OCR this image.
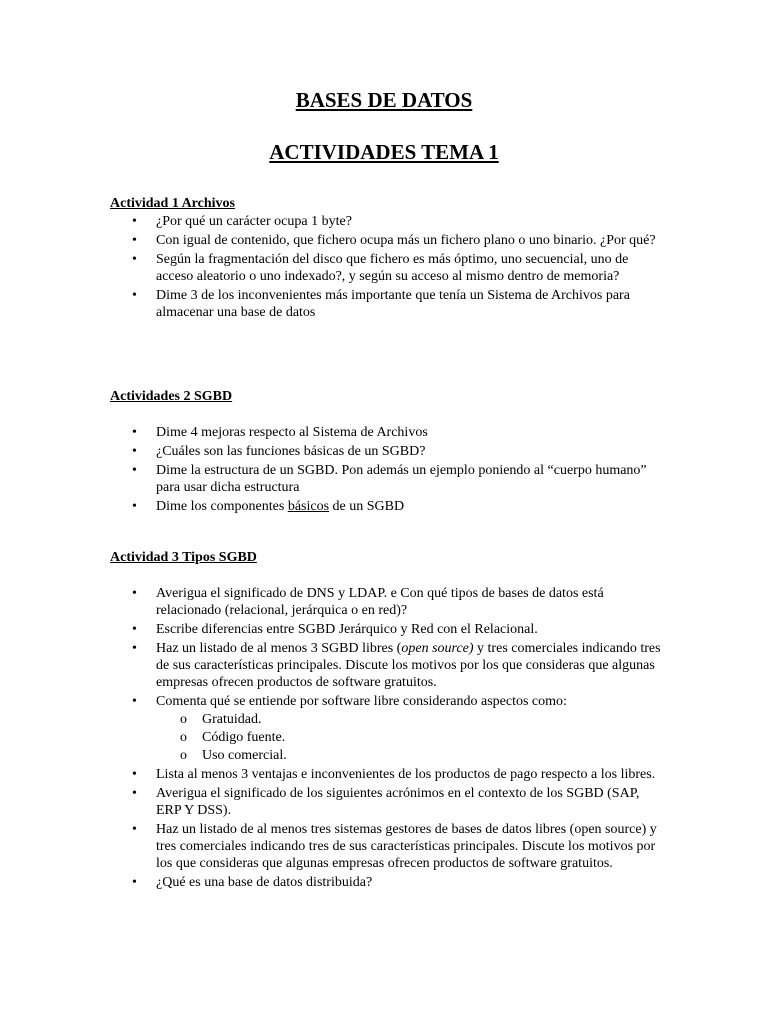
BASES DE DATOS

ACTIVIDADES TEMA 1

Actividad 1 Archivos

• ¿Por qué un carácter ocupa 1 byte?
• Con igual de contenido, que fichero ocupa más un fichero plano o uno binario. ¿Por qué?
• Según la fragmentación del disco que fichero es más óptimo, uno secuencial, uno de acceso aleatorio o uno indexado?, y según su acceso al mismo dentro de memoria?
• Dime 3 de los inconvenientes más importante que tenía un Sistema de Archivos para almacenar una base de datos

Actividades 2 SGBD

• Dime 4 mejoras respecto al Sistema de Archivos
• ¿Cuáles son las funciones básicas de un SGBD?
• Dime la estructura de un SGBD. Pon además un ejemplo poniendo al “cuerpo humano” para usar dicha estructura
• Dime los componentes básicos de un SGBD

Actividad 3 Tipos SGBD

• Averigua el significado de DNS y LDAP. e Con qué tipos de bases de datos está relacionado (relacional, jerárquica o en red)?
• Escribe diferencias entre SGBD Jerárquico y Red con el Relacional.
• Haz un listado de al menos 3 SGBD libres (open source) y tres comerciales indicando tres de sus características principales. Discute los motivos por los que consideras que algunas empresas ofrecen productos de software gratuitos.
• Comenta qué se entiende por software libre considerando aspectos como:
o Gratuidad.
o Código fuente.
o Uso comercial.
• Lista al menos 3 ventajas e inconvenientes de los productos de pago respecto a los libres.
• Averigua el significado de los siguientes acrónimos en el contexto de los SGBD (SAP, ERP Y DSS).
• Haz un listado de al menos tres sistemas gestores de bases de datos libres (open source) y tres comerciales indicando tres de sus características principales. Discute los motivos por los que consideras que algunas empresas ofrecen productos de software gratuitos.
• ¿Qué es una base de datos distribuida?
